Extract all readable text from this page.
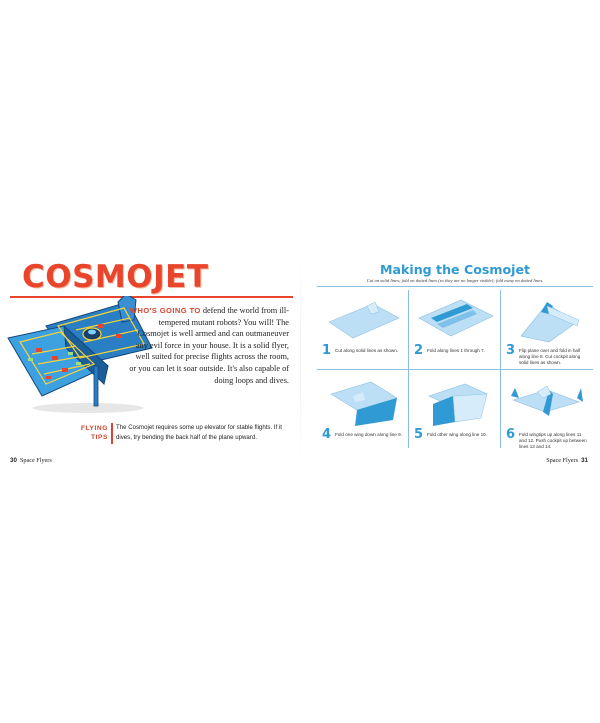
COSMOJET
WHO'S GOING TO defend the world from ill-tempered mutant robots? You will! The Cosmojet is well armed and can outmaneuver any evil force in your house. It is a solid flyer, well suited for precise flights across the room, or you can let it soar outside. It's also capable of doing loops and dives.
FLYING
TIPS
The Cosmojet requires some up elevator for stable flights. If it dives, try bending the back half of the plane upward.
30 Space Flyers
Making the Cosmojet
Cut on solid lines; fold on dotted lines (so they are no longer visible); fold away on dotted lines.
1 Cut along solid lines as shown.	2 Fold along lines 1 through 7.	3 Flip plane over and fold in half along line 8. Cut cockpit along solid lines as shown.
4 Fold one wing down along line 9. 5 Fold other wing along line 10.	6 Fold wingtips up along lines 11 and 12. Push cockpit up between lines 13 and 14.
Space Flyers 31
